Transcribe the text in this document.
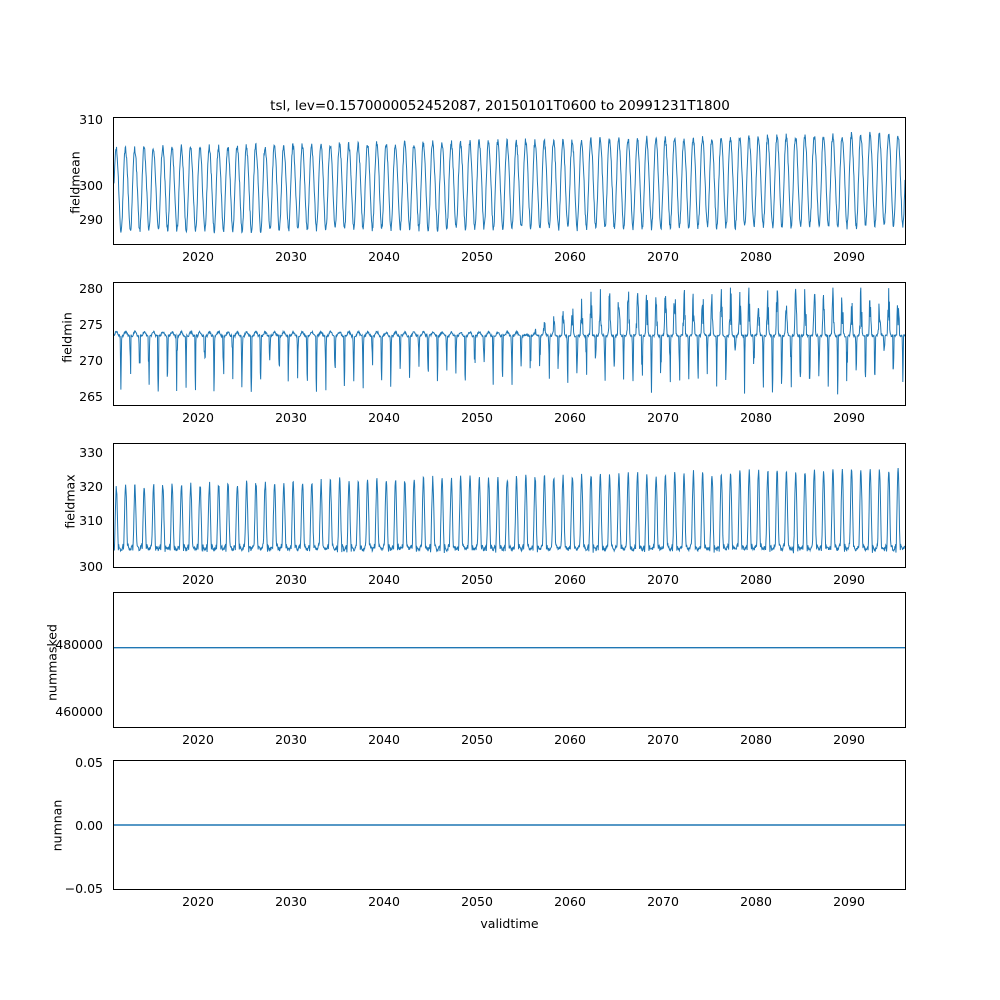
tsl, lev=0.1570000052452087, 20150101T0600 to 20991231T1800
fieldmean
310
300
290
2020	2030	2040	2050	2060	2070	2080	2090
fieldmin
280
275
270
265
2020	2030	2040	2050	2060	2070	2080	2090
fieldmax
330
320
310
300
2020	2030	2040	2050	2060	2070	2080	2090
nummasked
480000
460000
2020	2030	2040	2050	2060	2070	2080	2090
numnan
0.05
0.00
−0.05
2020	2030	2040	2050	2060	2070	2080	2090
validtime
